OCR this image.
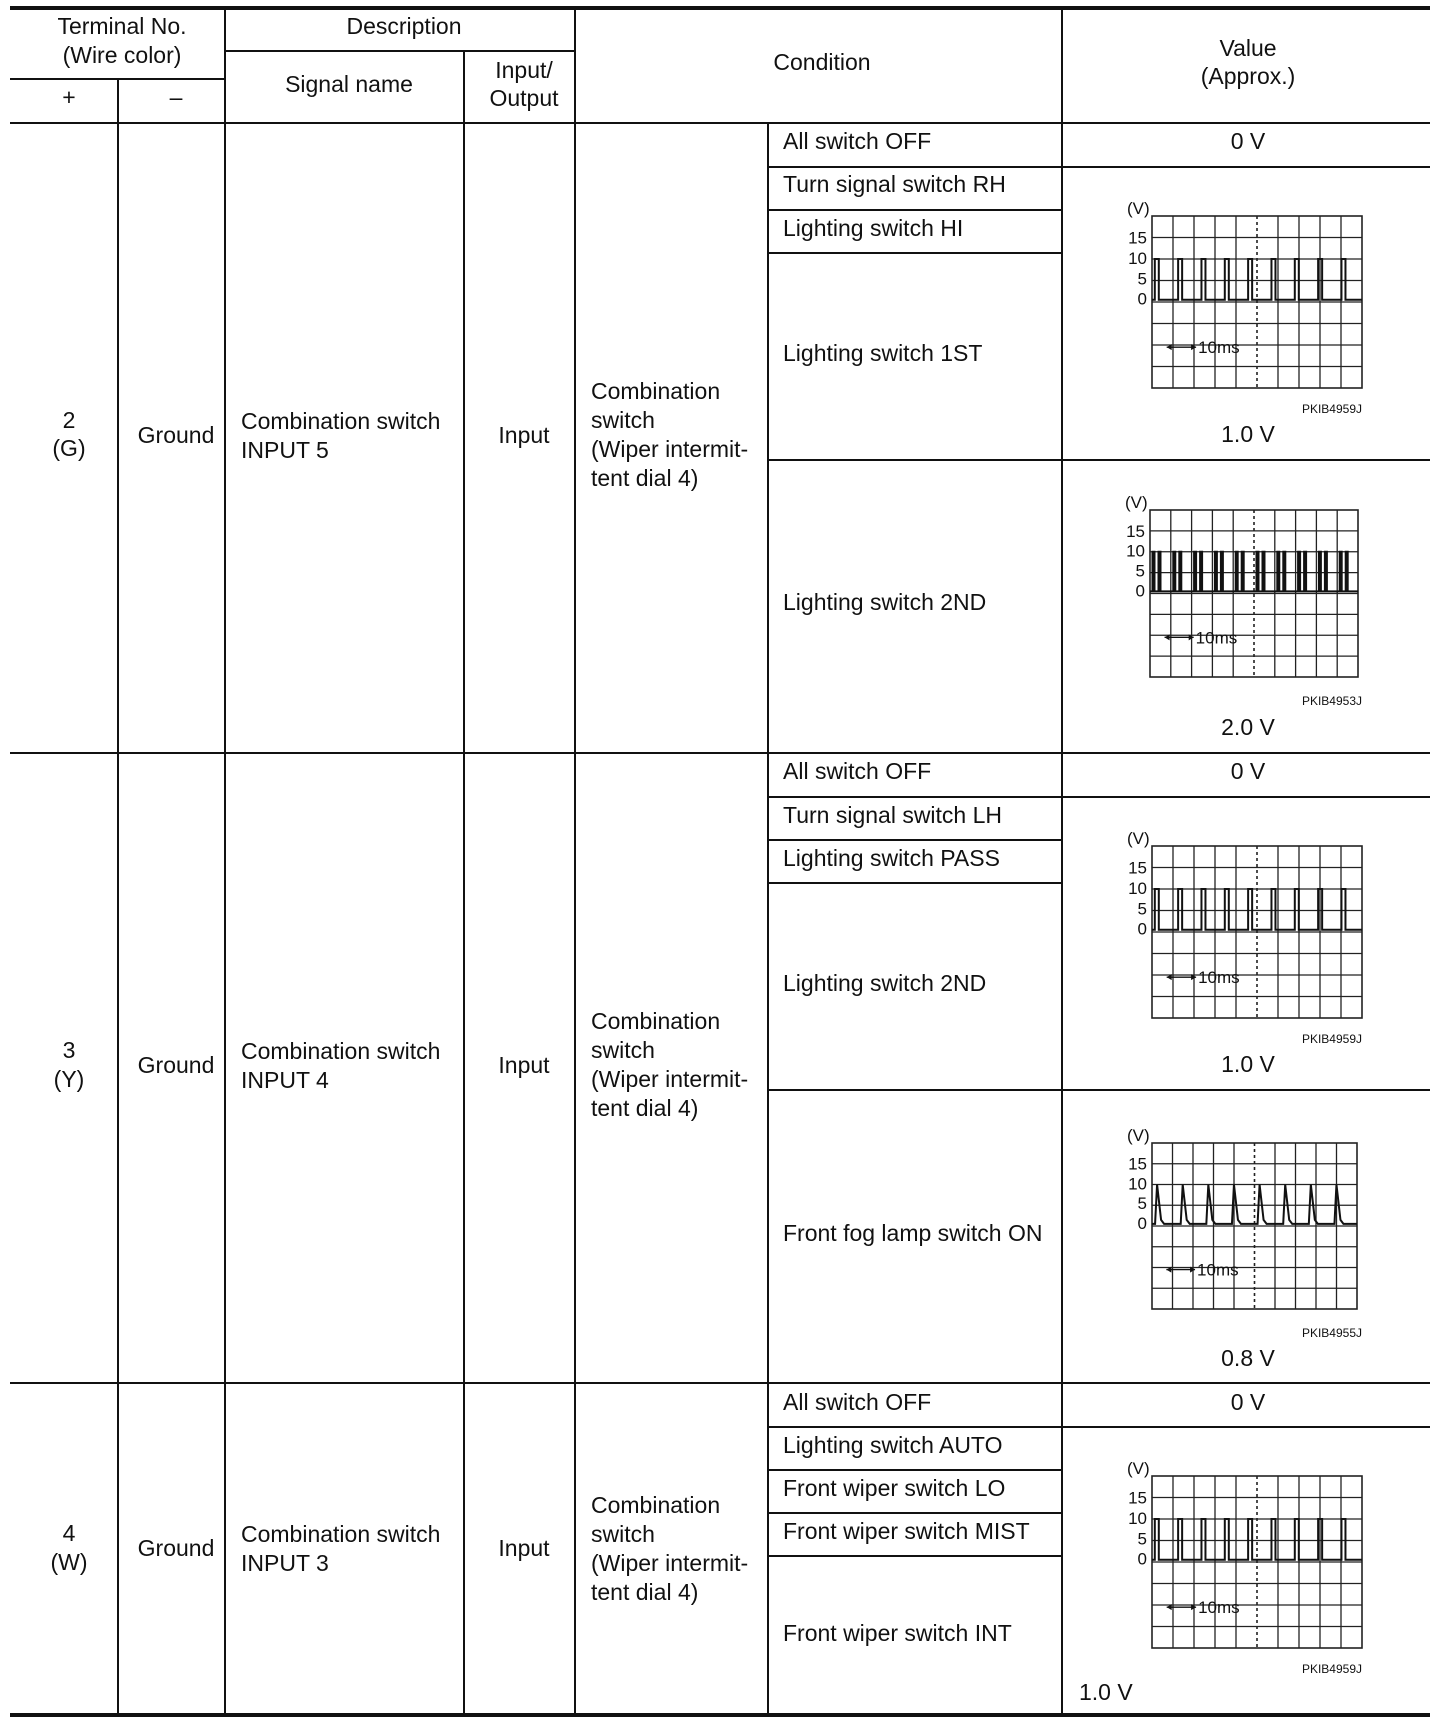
Terminal No.
(Wire color)
+	–
Description
Signal name
Input/
Output
Condition
Value
(Approx.)
2
(G) Ground
Combination switch
INPUT 5
Input
Combination
switch
(Wiper intermit-
tent dial 4)
All switch OFF
Turn signal switch RH
Lighting switch HI
Lighting switch 1ST
Lighting switch 2ND
0 V
1.0 V
2.0 V
(V)
15
10
5
0
10ms
PKIB4959J
(V)
15
10
5
0
10ms
PKIB4953J
3
(Y)
Ground
Combination switch
INPUT 4
Input
Combination
switch
(Wiper intermit-
tent dial 4)
All switch OFF
Turn signal switch LH
Lighting switch PASS
Lighting switch 2ND
Front fog lamp switch ON
0 V
1.0 V
0.8 V
(V)
15
10
5
0
10ms
PKIB4959J
(V)
15
10
5
0
10ms
PKIB4955J
4
(W)
Ground
Combination switch
INPUT 3
Input
Combination
switch
(Wiper intermit-
tent dial 4)
All switch OFF
Lighting switch AUTO
Front wiper switch LO
Front wiper switch MIST
Front wiper switch INT
0 V
1.0 V
(V)
15
10
5
0
10ms
PKIB4959J
